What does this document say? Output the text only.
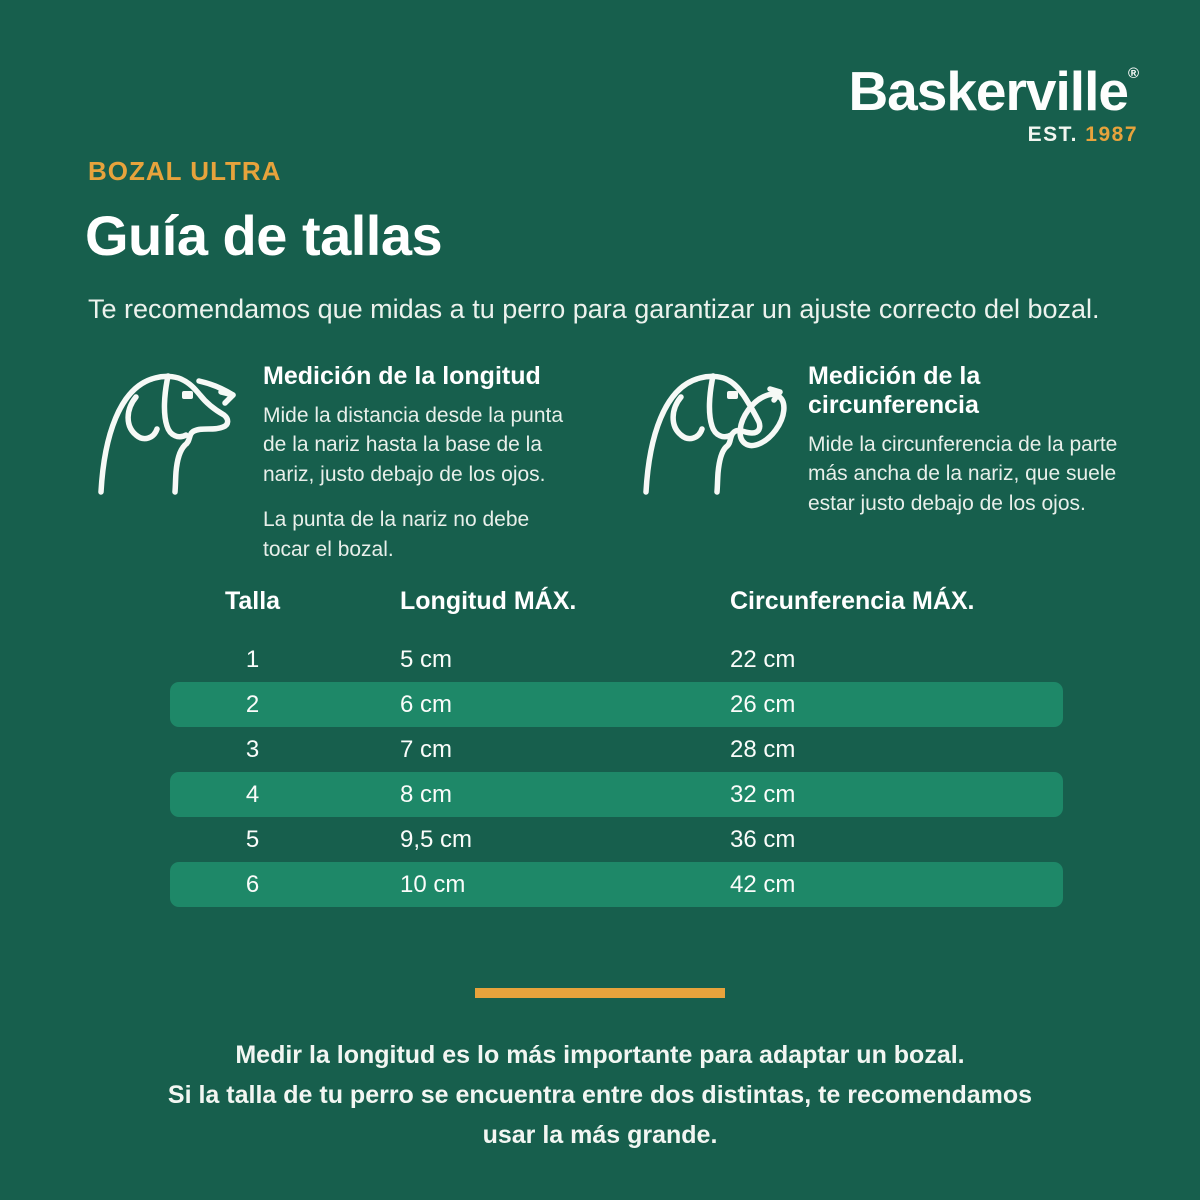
Baskerville®
EST. 1987
BOZAL ULTRA
Guía de tallas
Te recomendamos que midas a tu perro para garantizar un ajuste correcto del bozal.
Medición de la longitud

Mide la distancia desde la punta de la nariz hasta la base de la nariz, justo debajo de los ojos.

La punta de la nariz no debe tocar el bozal.

Medición de la circunferencia

Mide la circunferencia de la parte más ancha de la nariz, que suele estar justo debajo de los ojos.

Talla	Longitud MÁX.	Circunferencia MÁX.
1	5 cm	22 cm
2	6 cm	26 cm
3	7 cm	28 cm
4	8 cm	32 cm
5	9,5 cm	36 cm
6	10 cm	42 cm
Medir la longitud es lo más importante para adaptar un bozal.
Si la talla de tu perro se encuentra entre dos distintas, te recomendamos
usar la más grande.
